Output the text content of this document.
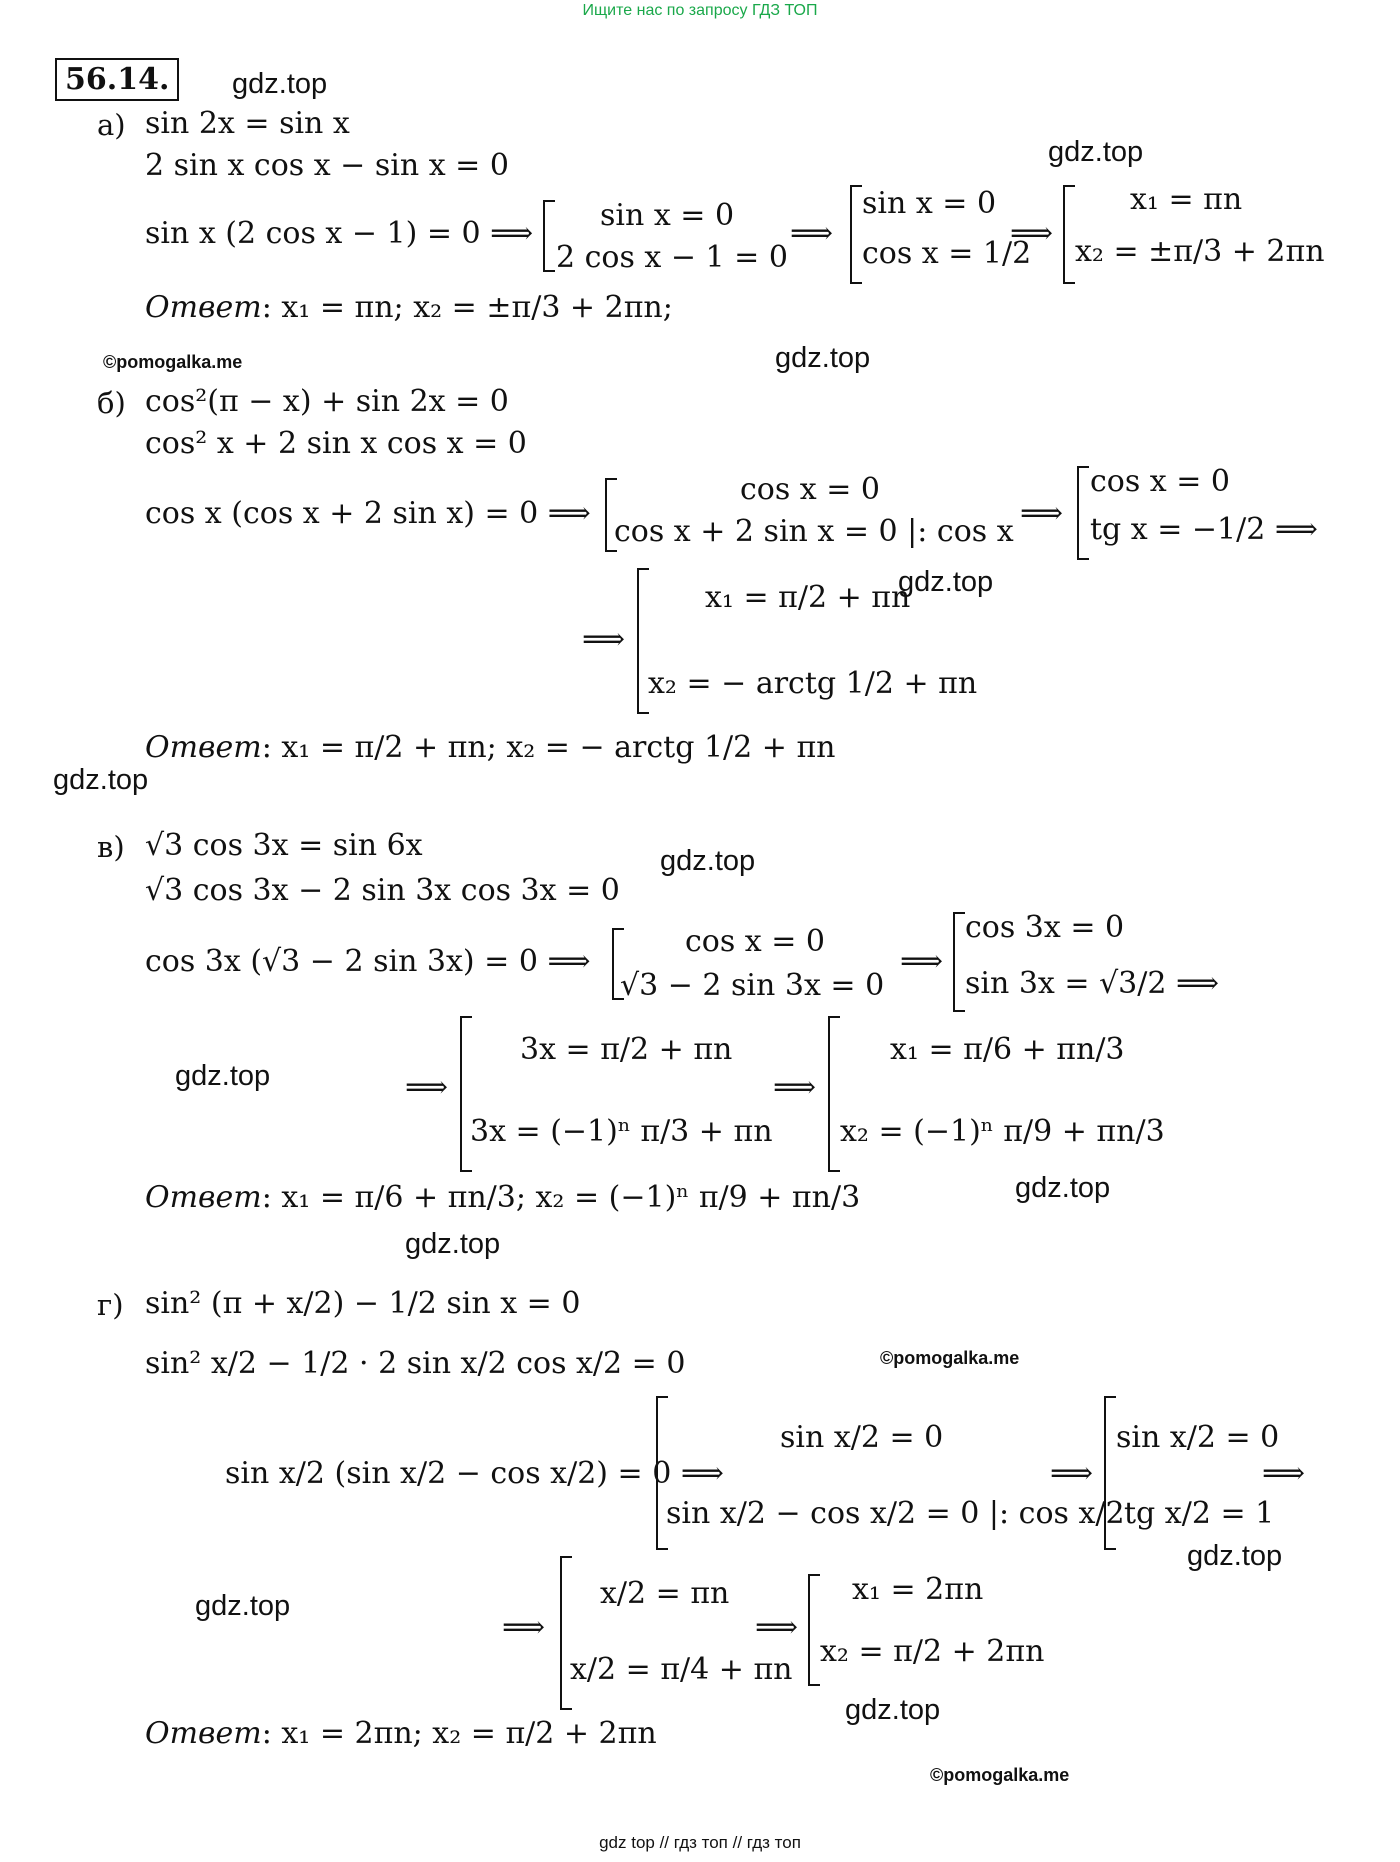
Ищите нас по запросу ГДЗ ТОП
56.14.	gdz.top
gdz.top
©pomogalka.me	gdz.top
gdz.top
gdz.top
gdz.top
gdz.top
gdz.top
gdz.top
©pomogalka.me
gdz.top
gdz.top
gdz.top
©pomogalka.me
а) sin 2x = sin x
2 sin x cos x − sin x = 0
sin x (2 cos x − 1) = 0 ⟹
sin x = 0
2 cos x − 1 = 0
⟹
sin x = 0
cos x = 1/2
⟹
x₁ = πn
x₂ = ±π/3 + 2πn
Ответ: x₁ = πn; x₂ = ±π/3 + 2πn;
б) cos²(π − x) + sin 2x = 0
cos² x + 2 sin x cos x = 0
cos x (cos x + 2 sin x) = 0 ⟹
cos x = 0
cos x + 2 sin x = 0 |: cos x
⟹
cos x = 0
tg x = −1/2 ⟹
⟹
x₁ = π/2 + πn
x₂ = − arctg 1/2 + πn
Ответ: x₁ = π/2 + πn; x₂ = − arctg 1/2 + πn
в) √3 cos 3x = sin 6x
√3 cos 3x − 2 sin 3x cos 3x = 0
cos 3x (√3 − 2 sin 3x) = 0 ⟹
cos x = 0
√3 − 2 sin 3x = 0
⟹
cos 3x = 0
sin 3x = √3/2 ⟹
⟹
3x = π/2 + πn
3x = (−1)ⁿ π/3 + πn
⟹
x₁ = π/6 + πn/3
x₂ = (−1)ⁿ π/9 + πn/3
Ответ: x₁ = π/6 + πn/3; x₂ = (−1)ⁿ π/9 + πn/3
г) sin² (π + x/2) − 1/2 sin x = 0
sin² x/2 − 1/2 · 2 sin x/2 cos x/2 = 0
sin x/2 (sin x/2 − cos x/2) = 0 ⟹
sin x/2 = 0
sin x/2 − cos x/2 = 0 |: cos x/2
⟹
sin x/2 = 0
tg x/2 = 1
⟹
⟹
x/2 = πn
x/2 = π/4 + πn
⟹
x₁ = 2πn
x₂ = π/2 + 2πn
Ответ: x₁ = 2πn; x₂ = π/2 + 2πn
gdz top // гдз топ // гдз топ
